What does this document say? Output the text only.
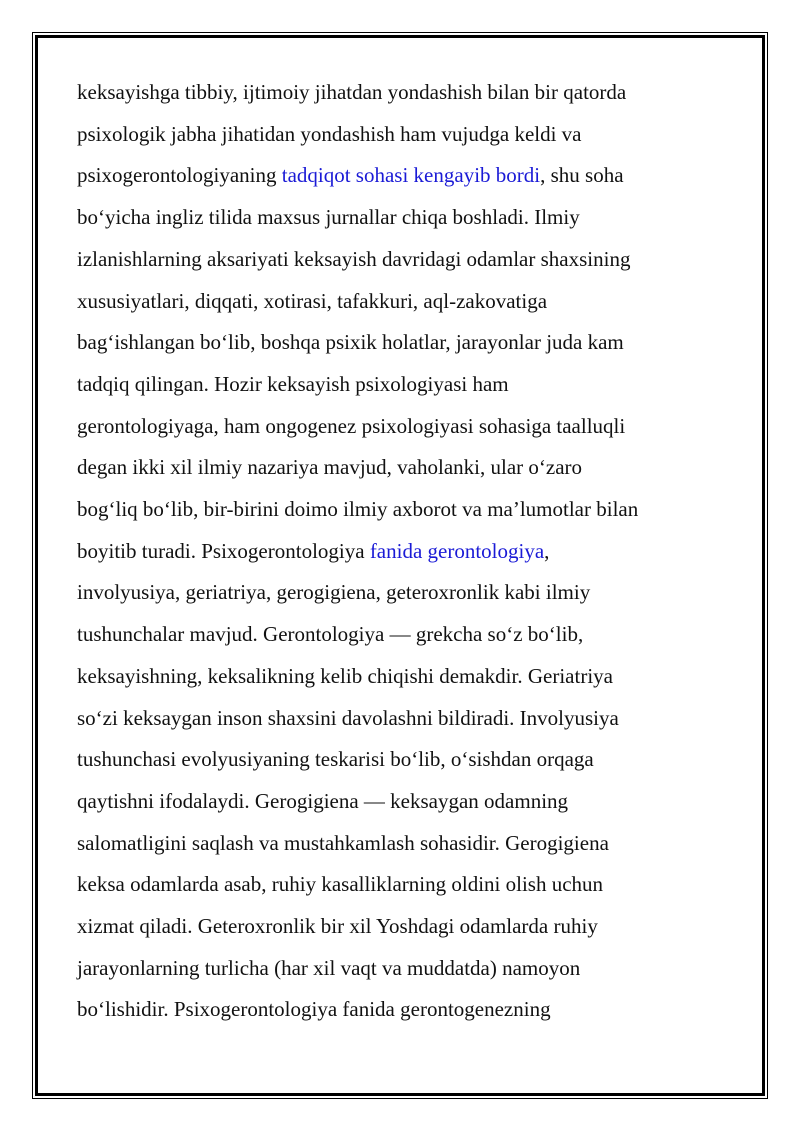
keksayishga tibbiy, ijtimoiy jihatdan yondashish bilan bir qatorda
psixologik jabha jihatidan yondashish ham vujudga keldi va
psixogerontologiyaning tadqiqot sohasi kengayib bordi, shu soha
bo‘yicha ingliz tilida maxsus jurnallar chiqa boshladi. Ilmiy
izlanishlarning aksariyati keksayish davridagi odamlar shaxsining
xususiyatlari, diqqati, xotirasi, tafakkuri, aql-zakovatiga
bag‘ishlangan bo‘lib, boshqa psixik holatlar, jarayonlar juda kam
tadqiq qilingan. Hozir keksayish psixologiyasi ham
gerontologiyaga, ham ongogenez psixologiyasi sohasiga taalluqli
degan ikki xil ilmiy nazariya mavjud, vaholanki, ular o‘zaro
bog‘liq bo‘lib, bir-birini doimo ilmiy axborot va ma’lumotlar bilan
boyitib turadi. Psixogerontologiya fanida gerontologiya,
involyusiya, geriatriya, gerogigiena, geteroxronlik kabi ilmiy
tushunchalar mavjud. Gerontologiya — grekcha so‘z bo‘lib,
keksayishning, keksalikning kelib chiqishi demakdir. Geriatriya
so‘zi keksaygan inson shaxsini davolashni bildiradi. Involyusiya
tushunchasi evolyusiyaning teskarisi bo‘lib, o‘sishdan orqaga
qaytishni ifodalaydi. Gerogigiena — keksaygan odamning
salomatligini saqlash va mustahkamlash sohasidir. Gerogigiena
keksa odamlarda asab, ruhiy kasalliklarning oldini olish uchun
xizmat qiladi. Geteroxronlik bir xil Yoshdagi odamlarda ruhiy
jarayonlarning turlicha (har xil vaqt va muddatda) namoyon
bo‘lishidir. Psixogerontologiya fanida gerontogenezning
